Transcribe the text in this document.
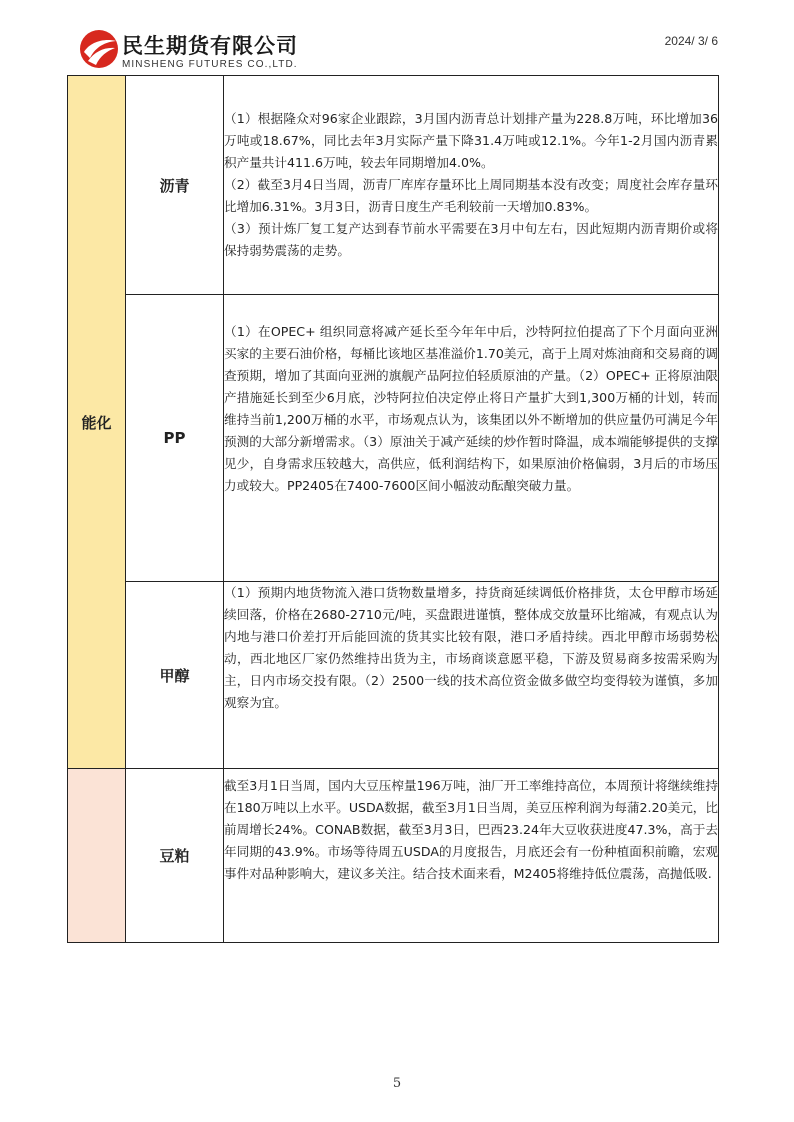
民生期货有限公司
MINSHENG FUTURES CO.,LTD.
2024/ 3/ 6
能化	沥青	（1）根据隆众对96家企业跟踪，3月国内沥青总计划排产量为228.8万吨，环比增加36万吨或18.67%，同比去年3月实际产量下降31.4万吨或12.1%。今年1-2月国内沥青累积产量共计411.6万吨，较去年同期增加4.0%。
（2）截至3月4日当周，沥青厂库库存量环比上周同期基本没有改变；周度社会库存量环比增加6.31%。3月3日，沥青日度生产毛利较前一天增加0.83%。
（3）预计炼厂复工复产达到春节前水平需要在3月中旬左右，因此短期内沥青期价或将保持弱势震荡的走势。

	PP	（1）在OPEC+ 组织同意将减产延长至今年年中后，沙特阿拉伯提高了下个月面向亚洲买家的主要石油价格，每桶比该地区基准溢价1.70美元，高于上周对炼油商和交易商的调查预期，增加了其面向亚洲的旗舰产品阿拉伯轻质原油的产量。（2）OPEC+ 正将原油限产措施延长到至少6月底，沙特阿拉伯决定停止将日产量扩大到1,300万桶的计划，转而维持当前1,200万桶的水平，市场观点认为，该集团以外不断增加的供应量仍可满足今年预测的大部分新增需求。（3）原油关于减产延续的炒作暂时降温，成本端能够提供的支撑见少，自身需求压较越大，高供应，低利润结构下，如果原油价格偏弱，3月后的市场压力或较大。PP2405在7400-7600区间小幅波动酝酿突破力量。

	甲醇	（1）预期内地货物流入港口货物数量增多，持货商延续调低价格排货，太仓甲醇市场延续回落，价格在2680-2710元/吨，买盘跟进谨慎，整体成交放量环比缩减，有观点认为内地与港口价差打开后能回流的货其实比较有限，港口矛盾持续。西北甲醇市场弱势松动，西北地区厂家仍然维持出货为主，市场商谈意愿平稳，下游及贸易商多按需采购为主，日内市场交投有限。（2）2500一线的技术高位资金做多做空均变得较为谨慎，多加观察为宜。

	豆粕	截至3月1日当周，国内大豆压榨量196万吨，油厂开工率维持高位，本周预计将继续维持在180万吨以上水平。USDA数据，截至3月1日当周，美豆压榨利润为每蒲2.20美元，比前周增长24%。CONAB数据，截至3月3日，巴西23.24年大豆收获进度47.3%，高于去年同期的43.9%。市场等待周五USDA的月度报告，月底还会有一份种植面积前瞻，宏观事件对品种影响大，建议多关注。结合技术面来看，M2405将维持低位震荡，高抛低吸.
5
